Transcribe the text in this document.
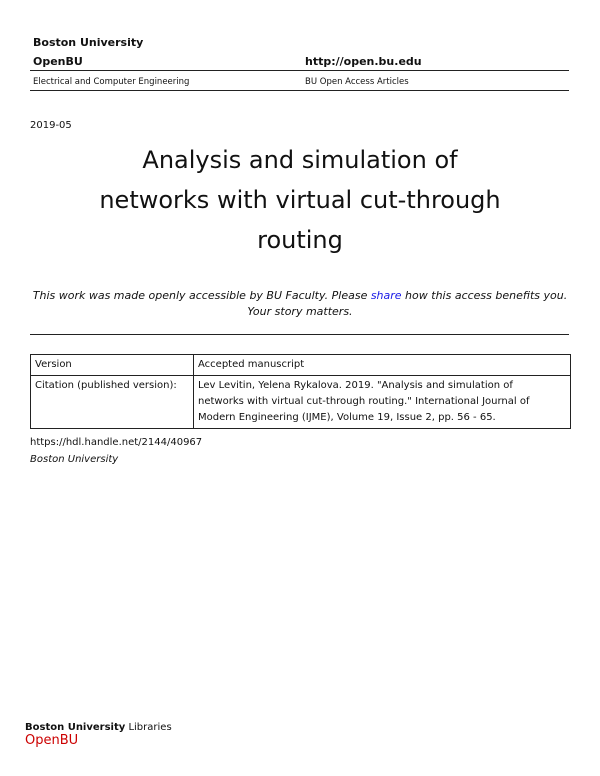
Boston University
OpenBU	http://open.bu.edu
Electrical and Computer Engineering	BU Open Access Articles
2019-05
Analysis and simulation of
networks with virtual cut-through
routing
This work was made openly accessible by BU Faculty. Please share how this access benefits you.
Your story matters.
Version	Accepted manuscript
Citation (published version):	Lev Levitin, Yelena Rykalova. 2019. "Analysis and simulation of
networks with virtual cut-through routing." International Journal of
Modern Engineering (IJME), Volume 19, Issue 2, pp. 56 - 65.
https://hdl.handle.net/2144/40967
Boston University
Boston University Libraries
OpenBU
